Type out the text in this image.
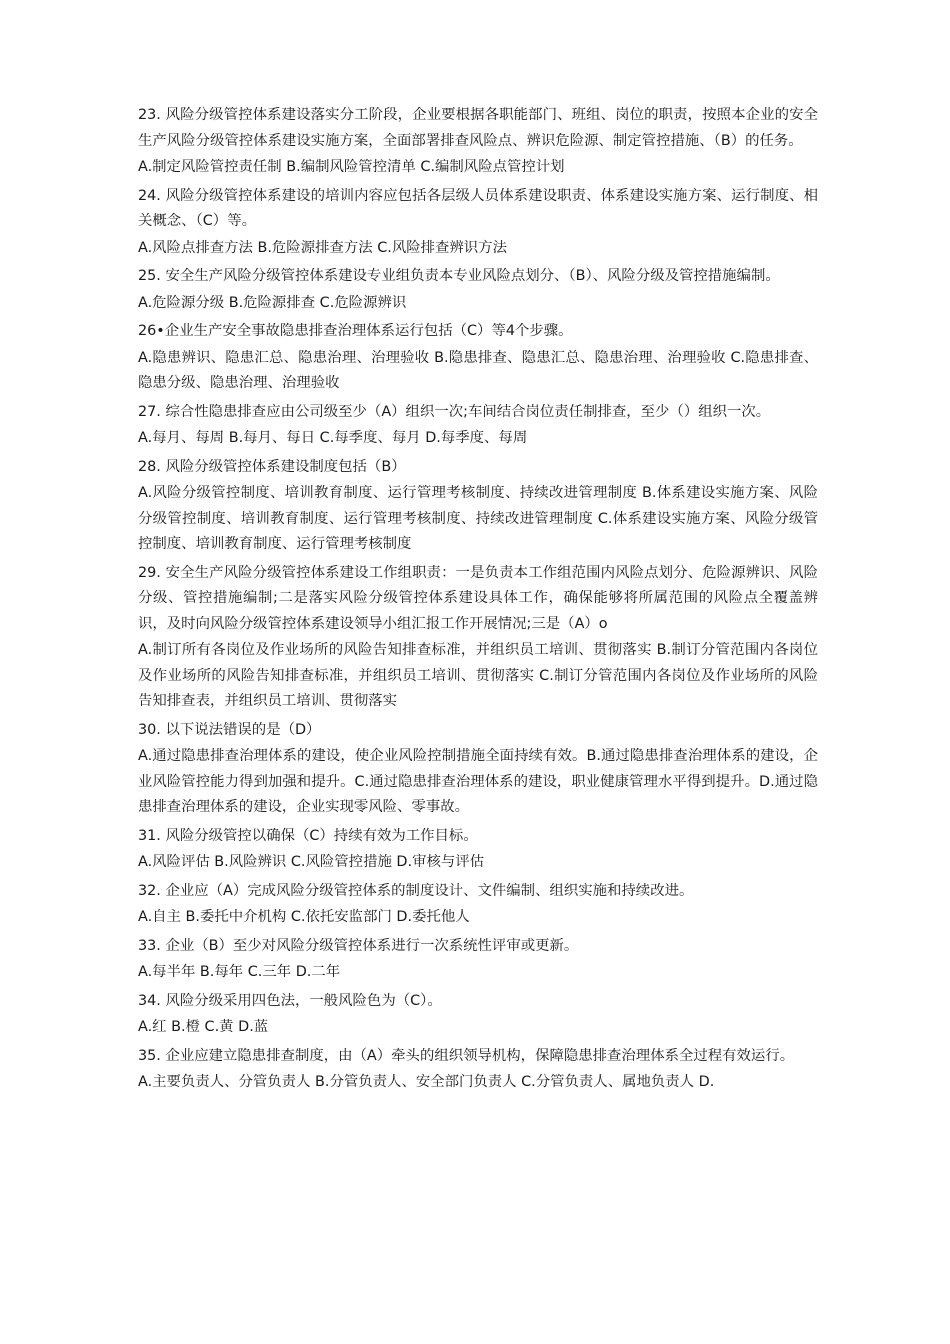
23. 风险分级管控体系建设落实分工阶段，企业要根据各职能部门、班组、岗位的职责，按照本企业的安全生产风险分级管控体系建设实施方案，全面部署排查风险点、辨识危险源、制定管控措施、（B）的任务。

A.制定风险管控责任制 B.编制风险管控清单 C.编制风险点管控计划

24. 风险分级管控体系建设的培训内容应包括各层级人员体系建设职责、体系建设实施方案、运行制度、相关概念、（C）等。

A.风险点排查方法 B.危险源排查方法 C.风险排查辨识方法

25. 安全生产风险分级管控体系建设专业组负责本专业风险点划分、（B）、风险分级及管控措施编制。

A.危险源分级 B.危险源排查 C.危险源辨识

26•企业生产安全事故隐患排查治理体系运行包括（C）等4个步骤。

A.隐患辨识、隐患汇总、隐患治理、治理验收 B.隐患排查、隐患汇总、隐患治理、治理验收 C.隐患排查、隐患分级、隐患治理、治理验收

27. 综合性隐患排查应由公司级至少（A）组织一次;车间结合岗位责任制排查，至少（）组织一次。

A.每月、每周 B.每月、每日 C.每季度、每月 D.每季度、每周

28. 风险分级管控体系建设制度包括（B）

A.风险分级管控制度、培训教育制度、运行管理考核制度、持续改进管理制度 B.体系建设实施方案、风险分级管控制度、培训教育制度、运行管理考核制度、持续改进管理制度 C.体系建设实施方案、风险分级管控制度、培训教育制度、运行管理考核制度

29. 安全生产风险分级管控体系建设工作组职责：一是负责本工作组范围内风险点划分、危险源辨识、风险分级、管控措施编制;二是落实风险分级管控体系建设具体工作，确保能够将所属范围的风险点全覆盖辨识，及时向风险分级管控体系建设领导小组汇报工作开展情况;三是（A）o

A.制订所有各岗位及作业场所的风险告知排查标准，并组织员工培训、贯彻落实 B.制订分管范围内各岗位及作业场所的风险告知排查标准，并组织员工培训、贯彻落实 C.制订分管范围内各岗位及作业场所的风险告知排查表，并组织员工培训、贯彻落实

30. 以下说法错误的是（D）

A.通过隐患排查治理体系的建设，使企业风险控制措施全面持续有效。B.通过隐患排查治理体系的建设，企业风险管控能力得到加强和提升。C.通过隐患排查治理体系的建设，职业健康管理水平得到提升。D.通过隐患排查治理体系的建设，企业实现零风险、零事故。

31. 风险分级管控以确保（C）持续有效为工作目标。

A.风险评估 B.风险辨识 C.风险管控措施 D.审核与评估

32. 企业应（A）完成风险分级管控体系的制度设计、文件编制、组织实施和持续改进。

A.自主 B.委托中介机构 C.依托安监部门 D.委托他人

33. 企业（B）至少对风险分级管控体系进行一次系统性评审或更新。

A.每半年 B.每年 C.三年 D.二年

34. 风险分级采用四色法，一般风险色为（C）。

A.红 B.橙 C.黄 D.蓝

35. 企业应建立隐患排查制度，由（A）牵头的组织领导机构，保障隐患排查治理体系全过程有效运行。

A.主要负责人、分管负责人 B.分管负责人、安全部门负责人 C.分管负责人、属地负责人 D.
